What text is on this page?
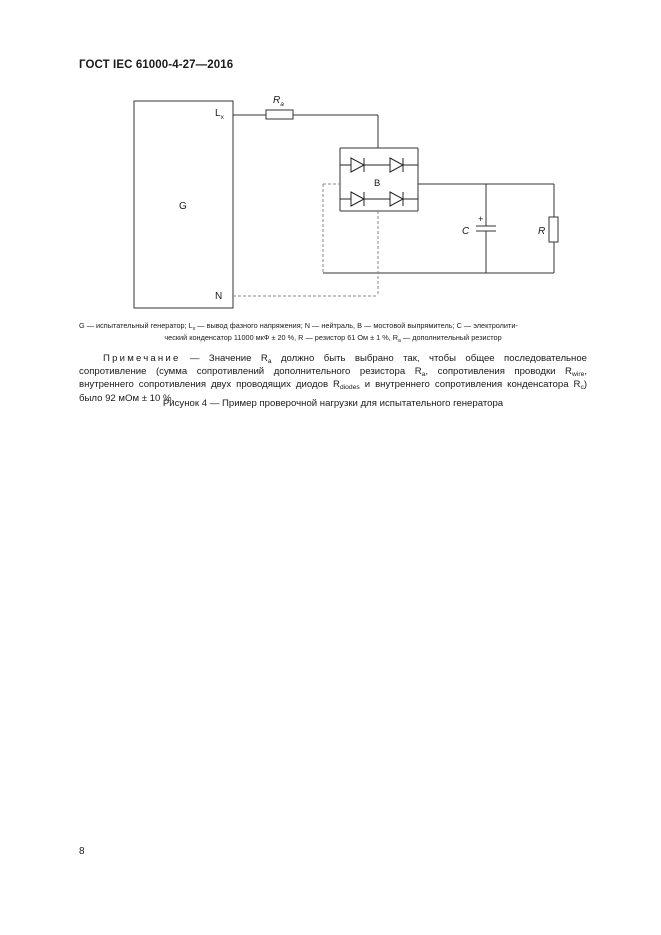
ГОСТ IEC 61000-4-27—2016
G
$L_x$
N
$R_a$
B
+
C	R
G — испытательный генератор; $L_x$ — вывод фазного напряжения; N — нейтраль, B — мостовой выпрямитель; C — электролити-
ческий конденсатор 11000 мкФ ± 20 %, R — резистор 61 Ом ± 1 %, $R_a$ — дополнительный резистор
Примечание — Значение $R_a$ должно быть выбрано так, чтобы общее последовательное сопротивление (сумма сопротивлений дополнительного резистора $R_a$, сопротивления проводки $R_{wire}$, внутреннего сопротивления двух проводящих диодов $R_{diodes}$ и внутреннего сопротивления конденсатора $R_c$) было 92 мОм ± 10 %.
Рисунок 4 — Пример проверочной нагрузки для испытательного генератора
8
